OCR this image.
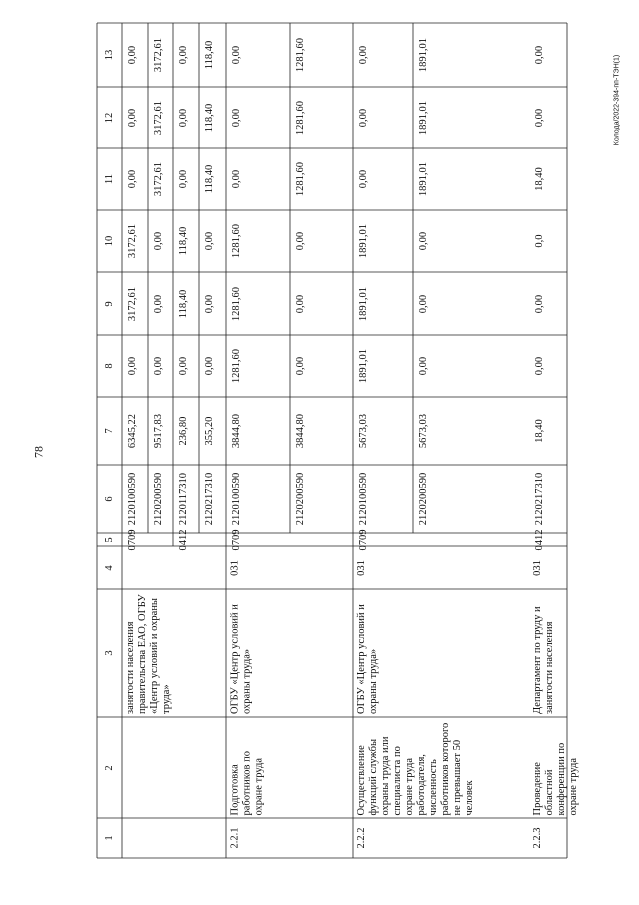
78
Колода/2022-394-пп-ТЭН(1)
1
2
3
4
5
6
7
8
9
10
11
12
13
занятости населения правительства ЕАО, ОГБУ «Центр условий и охраны труда»
0709
2120100590
6345,22
0,00
3172,61
3172,61
0,00
0,00
0,00
2120200590
9517,83
0,00
0,00
0,00
3172,61
3172,61
3172,61
0412
2120117310
236,80
0,00
118,40
118,40
0,00
0,00
0,00
2120217310
355,20
0,00
0,00
0,00
118,40
118,40
118,40
2.2.1
Подготовка работников по охране труда
ОГБУ «Центр условий и охраны труда»
031
0709
2120100590
3844,80
1281,60
1281,60
1281,60
0,00
0,00
0,00
2120200590
3844,80
0,00
0,00
0,00
1281,60
1281,60
1281,60
2.2.2
Осуществление функций службы охраны труда или специалиста по охране труда работодателя, численность работников которого не превышает 50 человек
ОГБУ «Центр условий и охраны труда»
031
0709
2120100590
5673,03
1891,01
1891,01
1891,01
0,00
0,00
0,00
2120200590
5673,03
0,00
0,00
0,00
1891,01
1891,01
1891,01
2.2.3
Проведение областной конференции по охране труда
Департамент по труду и занятости населения
031
0412
2120217310
18,40
0,00
0,00
0,0
18,40
0,00
0,00
